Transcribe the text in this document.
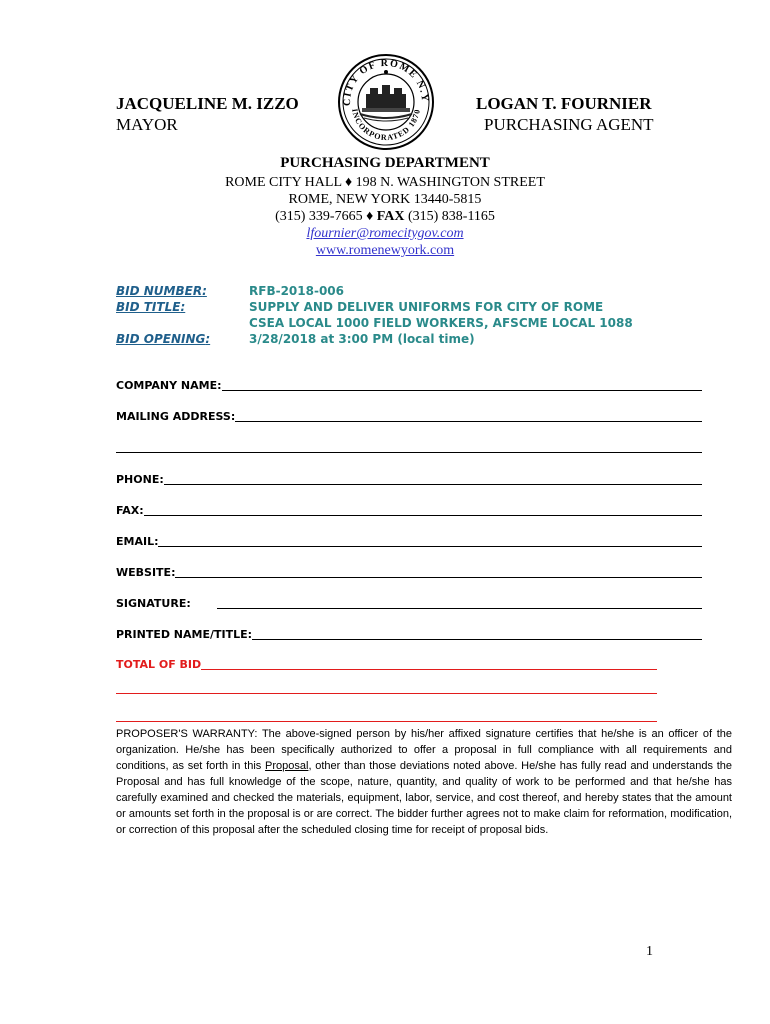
JACQUELINE M. IZZO
MAYOR
CITY OF ROME N.Y
INCORPORATED 1870	LOGAN T. FOURNIER
PURCHASING AGENT
PURCHASING DEPARTMENT
ROME CITY HALL ♦ 198 N. WASHINGTON STREET
ROME, NEW YORK 13440-5815
(315) 339-7665 ♦ FAX (315) 838-1165
lfournier@romecitygov.com
www.romenewyork.com
BID NUMBER:	RFB-2018-006
BID TITLE:	SUPPLY AND DELIVER UNIFORMS FOR CITY OF ROME
CSEA LOCAL 1000 FIELD WORKERS, AFSCME LOCAL 1088
BID OPENING:	3/28/2018 at 3:00 PM (local time)
COMPANY NAME:
MAILING ADDRESS:
PHONE:
FAX:
EMAIL:
WEBSITE:
SIGNATURE:
PRINTED NAME/TITLE:
TOTAL OF BID
PROPOSER'S WARRANTY: The above-signed person by his/her affixed signature certifies that he/she is an officer of the organization. He/she has been specifically authorized to offer a proposal in full compliance with all requirements and conditions, as set forth in this Proposal, other than those deviations noted above. He/she has fully read and understands the Proposal and has full knowledge of the scope, nature, quantity, and quality of work to be performed and that he/she has carefully examined and checked the materials, equipment, labor, service, and cost thereof, and hereby states that the amount or amounts set forth in the proposal is or are correct. The bidder further agrees not to make claim for reformation, modification, or correction of this proposal after the scheduled closing time for receipt of proposal bids.
1
